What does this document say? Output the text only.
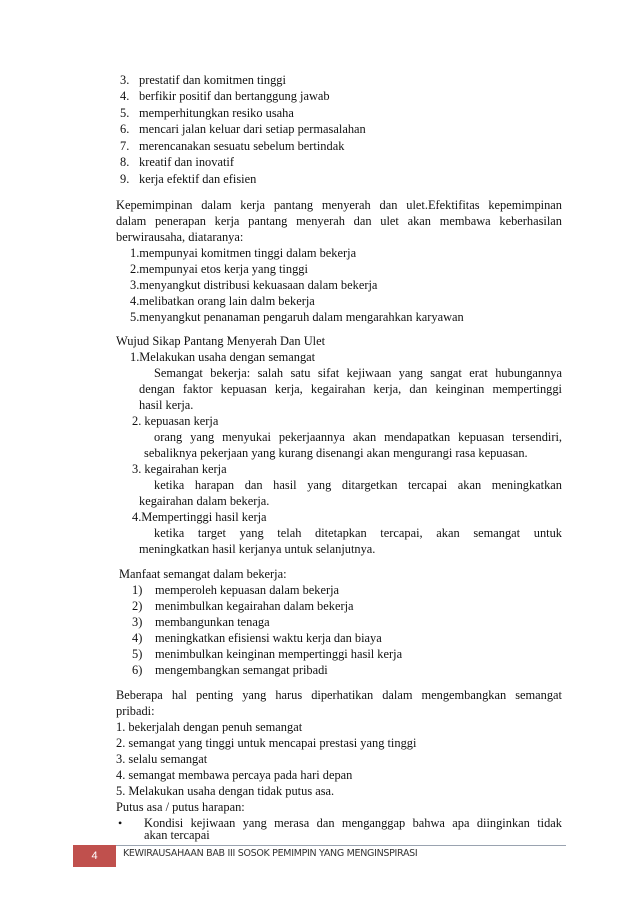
3. prestatif dan komitmen tinggi
4. berfikir positif dan bertanggung jawab
5. memperhitungkan resiko usaha
6. mencari jalan keluar dari setiap permasalahan
7. merencanakan sesuatu sebelum bertindak
8. kreatif dan inovatif
9. kerja efektif dan efisien
Kepemimpinan dalam kerja pantang menyerah dan ulet.Efektifitas kepemimpinan
dalam penerapan kerja pantang menyerah dan ulet akan membawa keberhasilan
berwirausaha, diataranya:
1.mempunyai komitmen tinggi dalam bekerja
2.mempunyai etos kerja yang tinggi
3.menyangkut distribusi kekuasaan dalam bekerja
4.melibatkan orang lain dalm bekerja
5.menyangkut penanaman pengaruh dalam mengarahkan karyawan
Wujud Sikap Pantang Menyerah Dan Ulet
1.Melakukan usaha dengan semangat
Semangat bekerja: salah satu sifat kejiwaan yang sangat erat hubungannya
dengan faktor kepuasan kerja, kegairahan kerja, dan keinginan mempertinggi
hasil kerja.
2. kepuasan kerja
orang yang menyukai pekerjaannya akan mendapatkan kepuasan tersendiri,
sebaliknya pekerjaan yang kurang disenangi akan mengurangi rasa kepuasan.
3. kegairahan kerja
ketika harapan dan hasil yang ditargetkan tercapai akan meningkatkan
kegairahan dalam bekerja.
4.Mempertinggi hasil kerja
ketika target yang telah ditetapkan tercapai, akan semangat untuk
meningkatkan hasil kerjanya untuk selanjutnya.
Manfaat semangat dalam bekerja:
1) memperoleh kepuasan dalam bekerja
2) menimbulkan kegairahan dalam bekerja
3) membangunkan tenaga
4) meningkatkan efisiensi waktu kerja dan biaya
5) menimbulkan keinginan mempertinggi hasil kerja
6) mengembangkan semangat pribadi
Beberapa hal penting yang harus diperhatikan dalam mengembangkan semangat
pribadi:
1. bekerjalah dengan penuh semangat
2. semangat yang tinggi untuk mencapai prestasi yang tinggi
3. selalu semangat
4. semangat membawa percaya pada hari depan
5. Melakukan usaha dengan tidak putus asa.
Putus asa / putus harapan:
• Kondisi kejiwaan yang merasa dan menganggap bahwa apa diinginkan tidak
akan tercapai
4	KEWIRAUSAHAAN BAB III SOSOK PEMIMPIN YANG MENGINSPIRASI
